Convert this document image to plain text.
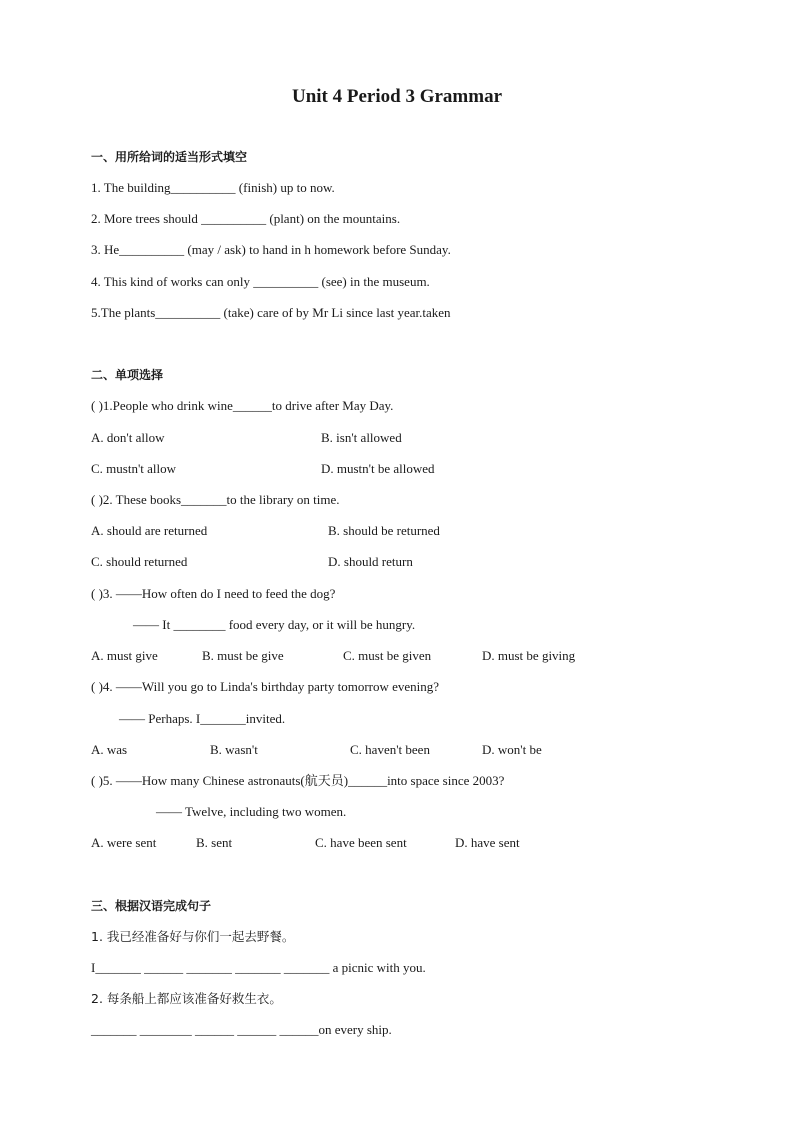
Unit 4 Period 3 Grammar
一、用所给词的适当形式填空
1. The building__________ (finish) up to now.
2. More trees should __________ (plant) on the mountains.
3. He__________ (may / ask) to hand in h homework before Sunday.
4. This kind of works can only __________ (see) in the museum.
5.The plants__________ (take) care of by Mr Li since last year.taken
二、单项选择
( )1.People who drink wine______to drive after May Day.
A. don't allow	B. isn't allowed
C. mustn't allow	D. mustn't be allowed
( )2. These books_______to the library on time.
A. should are returned	B. should be returned
C. should returned	D. should return
( )3. ——How often do I need to feed the dog?
—— It ________ food every day, or it will be hungry.
A. must give	B. must be give	C. must be given	D. must be giving
( )4. ——Will you go to Linda's birthday party tomorrow evening?
—— Perhaps. I_______invited.
A. was	B. wasn't	C. haven't been	D. won't be
( )5. ——How many Chinese astronauts(航天员)______into space since 2003?
—— Twelve, including two women.
A. were sent	B. sent	C. have been sent	D. have sent
三、根据汉语完成句子
1. 我已经准备好与你们一起去野餐。
I_______ ______ _______ _______ _______ a picnic with you.
2. 每条船上都应该准备好救生衣。
_______ ________ ______ ______ ______on every ship.
